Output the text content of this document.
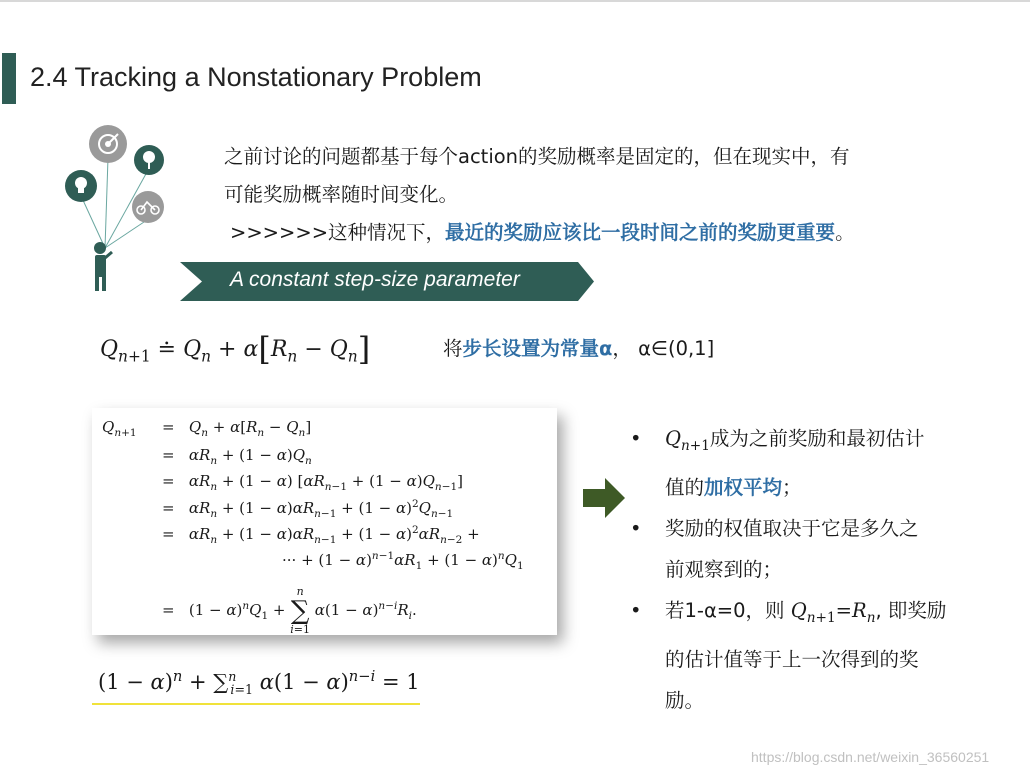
2.4 Tracking a Nonstationary Problem
之前讨论的问题都基于每个action的奖励概率是固定的，但在现实中，有
可能奖励概率随时间变化。
>>>>>>这种情况下，最近的奖励应该比一段时间之前的奖励更重要。
A constant step-size parameter
$Q_{n+1}$ ≐ $Q_n + \alpha[R_n - Q_n]$	将步长设置为常量α， α∈(0,1]
$Q_{n+1} = Q_n + \alpha[R_n - Q_n]$
=   $\alpha R_n + (1 - \alpha)Q_n$
=   $\alpha R_n + (1 - \alpha) [\alpha R_{n-1} + (1 - \alpha)Q_{n-1}]$
=   $\alpha R_n + (1 - \alpha)\alpha R_{n-1} + (1 - \alpha)^2Q_{n-1}$
=   $\alpha R_n + (1 - \alpha)\alpha R_{n-1} + (1 - \alpha)^2\alpha R_{n-2}$ +
··· + $(1 - \alpha)^{n-1}\alpha R_1 + (1 - \alpha)^nQ_1$
=   $(1 - \alpha)^nQ_1$ +
n
∑
i=1
$\alpha(1 - \alpha)^{n-i}R_i$.
• $Q_{n+1}$成为之前奖励和最初估计
值的加权平均；
• 奖励的权值取决于它是多久之
前观察到的；
• 若1-α=0，则 $Q_{n+1}=R_n$, 即奖励
的估计值等于上一次得到的奖
励。
$(1 - \alpha)^n + \sum^n_{i=1}$ $\alpha(1 - \alpha)^{n-i} = 1$
https://blog.csdn.net/weixin_36560251
